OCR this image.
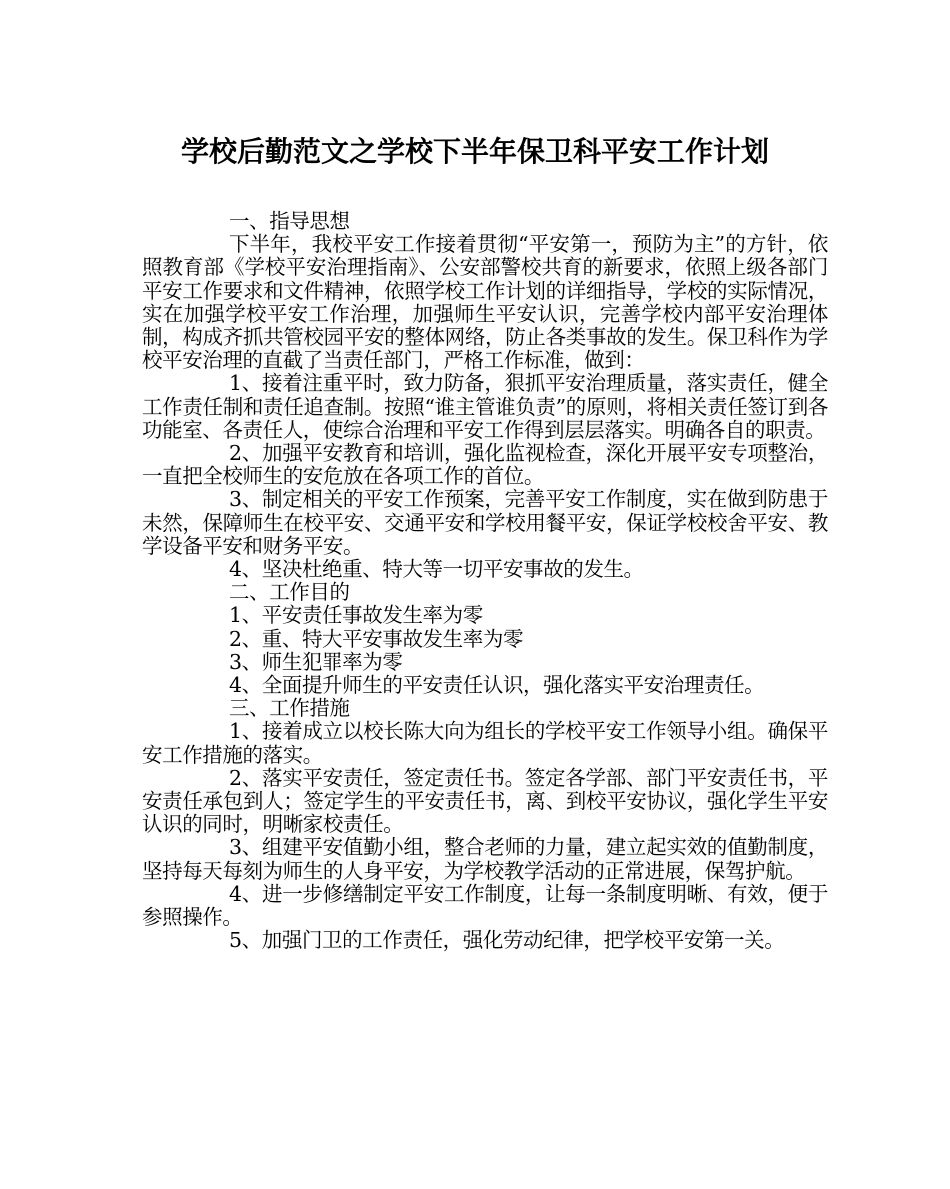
学校后勤范文之学校下半年保卫科平安工作计划

一、指导思想

下半年，我校平安工作接着贯彻“平安第一，预防为主”的方针，依照教育部《学校平安治理指南》、公安部警校共育的新要求，依照上级各部门平安工作要求和文件精神，依照学校工作计划的详细指导，学校的实际情况，实在加强学校平安工作治理，加强师生平安认识，完善学校内部平安治理体制，构成齐抓共管校园平安的整体网络，防止各类事故的发生。保卫科作为学校平安治理的直截了当责任部门，严格工作标准，做到：

1、接着注重平时，致力防备，狠抓平安治理质量，落实责任，健全工作责任制和责任追查制。按照“谁主管谁负责”的原则，将相关责任签订到各功能室、各责任人，使综合治理和平安工作得到层层落实。明确各自的职责。

2、加强平安教育和培训，强化监视检查，深化开展平安专项整治，一直把全校师生的安危放在各项工作的首位。

3、制定相关的平安工作预案，完善平安工作制度，实在做到防患于未然，保障师生在校平安、交通平安和学校用餐平安，保证学校校舍平安、教学设备平安和财务平安。

4、坚决杜绝重、特大等一切平安事故的发生。

二、工作目的

1、平安责任事故发生率为零

2、重、特大平安事故发生率为零

3、师生犯罪率为零

4、全面提升师生的平安责任认识，强化落实平安治理责任。

三、工作措施

1、接着成立以校长陈大向为组长的学校平安工作领导小组。确保平安工作措施的落实。

2、落实平安责任，签定责任书。签定各学部、部门平安责任书，平安责任承包到人；签定学生的平安责任书，离、到校平安协议，强化学生平安认识的同时，明晰家校责任。

3、组建平安值勤小组，整合老师的力量，建立起实效的值勤制度，坚持每天每刻为师生的人身平安，为学校教学活动的正常进展，保驾护航。

4、进一步修缮制定平安工作制度，让每一条制度明晰、有效，便于参照操作。

5、加强门卫的工作责任，强化劳动纪律，把学校平安第一关。
